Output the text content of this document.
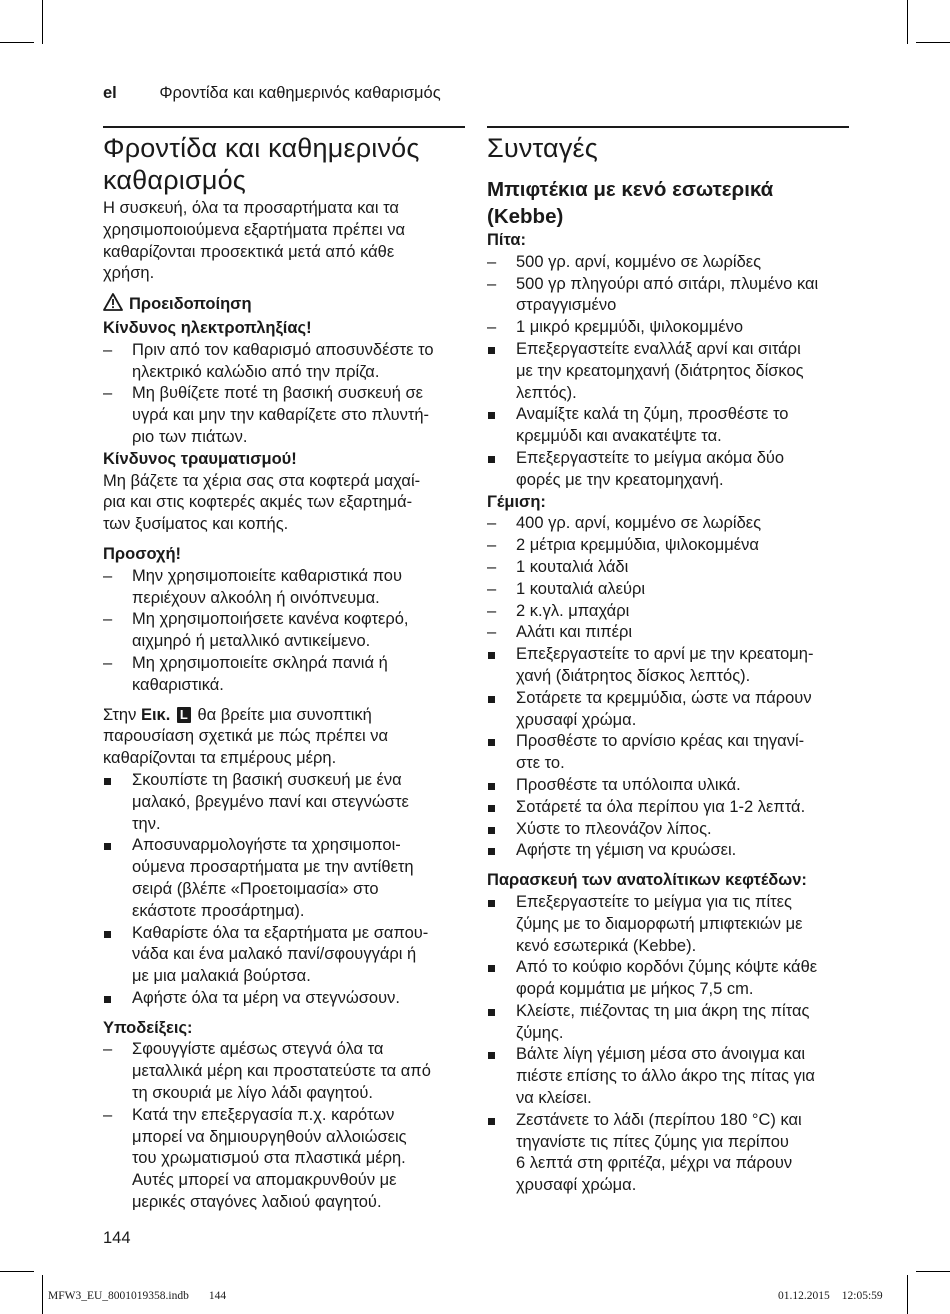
el	Φροντίδα και καθημερινός καθαρισμός
Φροντίδα και καθημερινός
καθαρισμός

Η συσκευή, όλα τα προσαρτήματα και τα
χρησιμοποιούμενα εξαρτήματα πρέπει να
καθαρίζονται προσεκτικά μετά από κάθε
χρήση.

Προειδοποίηση

Κίνδυνος ηλεκτροπληξίας!

– Πριν από τον καθαρισμό αποσυνδέστε το
ηλεκτρικό καλώδιο από την πρίζα.
– Μη βυθίζετε ποτέ τη βασική συσκευή σε
υγρά και μην την καθαρίζετε στο πλυντή-
ριο των πιάτων.

Κίνδυνος τραυματισμού!

Μη βάζετε τα χέρια σας στα κοφτερά μαχαί-
ρια και στις κοφτερές ακμές των εξαρτημά-
των ξυσίματος και κοπής.

Προσοχή!

– Μην χρησιμοποιείτε καθαριστικά που
περιέχουν αλκοόλη ή οινόπνευμα.
– Μη χρησιμοποιήσετε κανένα κοφτερό,
αιχμηρό ή μεταλλικό αντικείμενο.
– Μη χρησιμοποιείτε σκληρά πανιά ή
καθαριστικά.

Στην Εικ. L θα βρείτε μια συνοπτική
παρουσίαση σχετικά με πώς πρέπει να
καθαρίζονται τα επμέρους μέρη.

Σκουπίστε τη βασική συσκευή με ένα
μαλακό, βρεγμένο πανί και στεγνώστε
την.
Αποσυναρμολογήστε τα χρησιμοποι-
ούμενα προσαρτήματα με την αντίθετη
σειρά (βλέπε «Προετοιμασία» στο
εκάστοτε προσάρτημα).
Καθαρίστε όλα τα εξαρτήματα με σαπου-
νάδα και ένα μαλακό πανί/σφουγγάρι ή
με μια μαλακιά βούρτσα.
Αφήστε όλα τα μέρη να στεγνώσουν.

Υποδείξεις:

– Σφουγγίστε αμέσως στεγνά όλα τα
μεταλλικά μέρη και προστατεύστε τα από
τη σκουριά με λίγο λάδι φαγητού.
– Κατά την επεξεργασία π.χ. καρότων
μπορεί να δημιουργηθούν αλλοιώσεις
του χρωματισμού στα πλαστικά μέρη.
Αυτές μπορεί να απομακρυνθούν με
μερικές σταγόνες λαδιού φαγητού.
Συνταγές
Μπιφτέκια με κενό εσωτερικά
(Kebbe)

Πίτα:

– 500 γρ. αρνί, κομμένο σε λωρίδες
– 500 γρ πληγούρι από σιτάρι, πλυμένο και
στραγγισμένο
– 1 μικρό κρεμμύδι, ψιλοκομμένο
Επεξεργαστείτε εναλλάξ αρνί και σιτάρι
με την κρεατομηχανή (διάτρητος δίσκος
λεπτός).
Αναμίξτε καλά τη ζύμη, προσθέστε το
κρεμμύδι και ανακατέψτε τα.
Επεξεργαστείτε το μείγμα ακόμα δύο
φορές με την κρεατομηχανή.

Γέμιση:

– 400 γρ. αρνί, κομμένο σε λωρίδες
– 2 μέτρια κρεμμύδια, ψιλοκομμένα
– 1 κουταλιά λάδι
– 1 κουταλιά αλεύρι
– 2 κ.γλ. μπαχάρι
– Αλάτι και πιπέρι
Επεξεργαστείτε το αρνί με την κρεατομη-
χανή (διάτρητος δίσκος λεπτός).
Σοτάρετε τα κρεμμύδια, ώστε να πάρουν
χρυσαφί χρώμα.
Προσθέστε το αρνίσιο κρέας και τηγανί-
στε το.
Προσθέστε τα υπόλοιπα υλικά.
Σοτάρετέ τα όλα περίπου για 1-2 λεπτά.
Χύστε το πλεονάζον λίπος.
Αφήστε τη γέμιση να κρυώσει.

Παρασκευή των ανατολίτικων κεφτέδων:

Επεξεργαστείτε το μείγμα για τις πίτες
ζύμης με το διαμορφωτή μπιφτεκιών με
κενό εσωτερικά (Kebbe).
Από το κούφιο κορδόνι ζύμης κόψτε κάθε
φορά κομμάτια με μήκος 7,5 cm.
Κλείστε, πιέζοντας τη μια άκρη της πίτας
ζύμης.
Βάλτε λίγη γέμιση μέσα στο άνοιγμα και
πιέστε επίσης το άλλο άκρο της πίτας για
να κλείσει.
Ζεστάνετε το λάδι (περίπου 180 °C) και
τηγανίστε τις πίτες ζύμης για περίπου
6 λεπτά στη φριτέζα, μέχρι να πάρουν
χρυσαφί χρώμα.
144
MFW3_EU_8001019358.indb 144	01.12.2015 12:05:59
